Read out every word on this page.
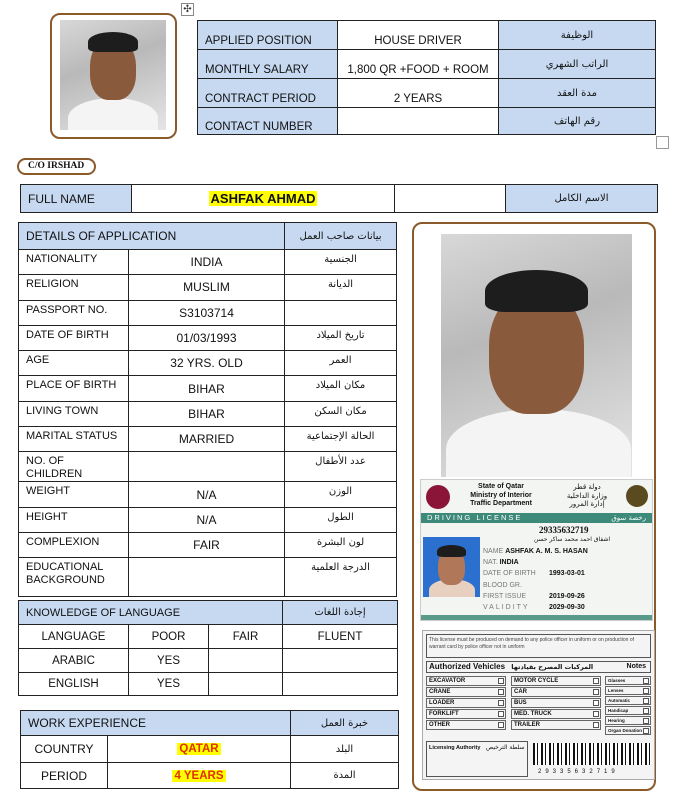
✣
APPLIED POSITION	HOUSE DRIVER	الوظيفة
MONTHLY SALARY	1,800 QR +FOOD + ROOM	الراتب الشهري
CONTRACT PERIOD	2 YEARS	مدة العقد
CONTACT NUMBER		رقم الهاتف
C/O IRSHAD
FULL NAME	ASHFAK AHMAD		الاسم الكامل
DETAILS OF APPLICATION		بيانات صاحب العمل
NATIONALITY	INDIA	الجنسية
RELIGION	MUSLIM	الديانة
PASSPORT NO.	S3103714	
DATE OF BIRTH	01/03/1993	تاريخ الميلاد
AGE	32 YRS. OLD	العمر
PLACE OF BIRTH	BIHAR	مكان الميلاد
LIVING TOWN	BIHAR	مكان السكن
MARITAL STATUS	MARRIED	الحالة الإجتماعية
NO. OF CHILDREN		عدد الأطفال
WEIGHT	N/A	الوزن
HEIGHT	N/A	الطول
COMPLEXION	FAIR	لون البشرة
EDUCATIONAL BACKGROUND		الدرجة العلمية
KNOWLEDGE OF LANGUAGE			إجادة اللغات
LANGUAGE	POOR	FAIR	FLUENT
ARABIC	YES		
ENGLISH	YES		
WORK EXPERIENCE		خبرة العمل
COUNTRY	QATAR	البلد
PERIOD	4 YEARS	المدة
State of Qatar
Ministry of Interior
Traffic Department
دولة قطر
وزارة الداخلية
إدارة المرور
DRIVING LICENSE	رخصة سوق
29335632719
اشفاق احمد محمد ساكر حسن
NAME ASHFAK A. M. S. HASAN
NAT. INDIA
DATE OF BIRTH 1993-03-01
BLOOD GR.
FIRST ISSUE	2019-09-26
VALIDITY	2029-09-30
This license must be produced on demand to any police officer in uniform or on production of warrant card by police officer not in uniform
Authorized Vehicles المركبات المصرح بقيادتها	Notes
EXCAVATOR
CRANE
LOADER
FORKLIFT
OTHER
MOTOR CYCLE
CAR
BUS
MED. TRUCK
TRAILER
Glasses
Lenses
Automatic
Handicap
Hearing
Organ Donation
Licensing Authority سلطة الترخيص
29335632719
